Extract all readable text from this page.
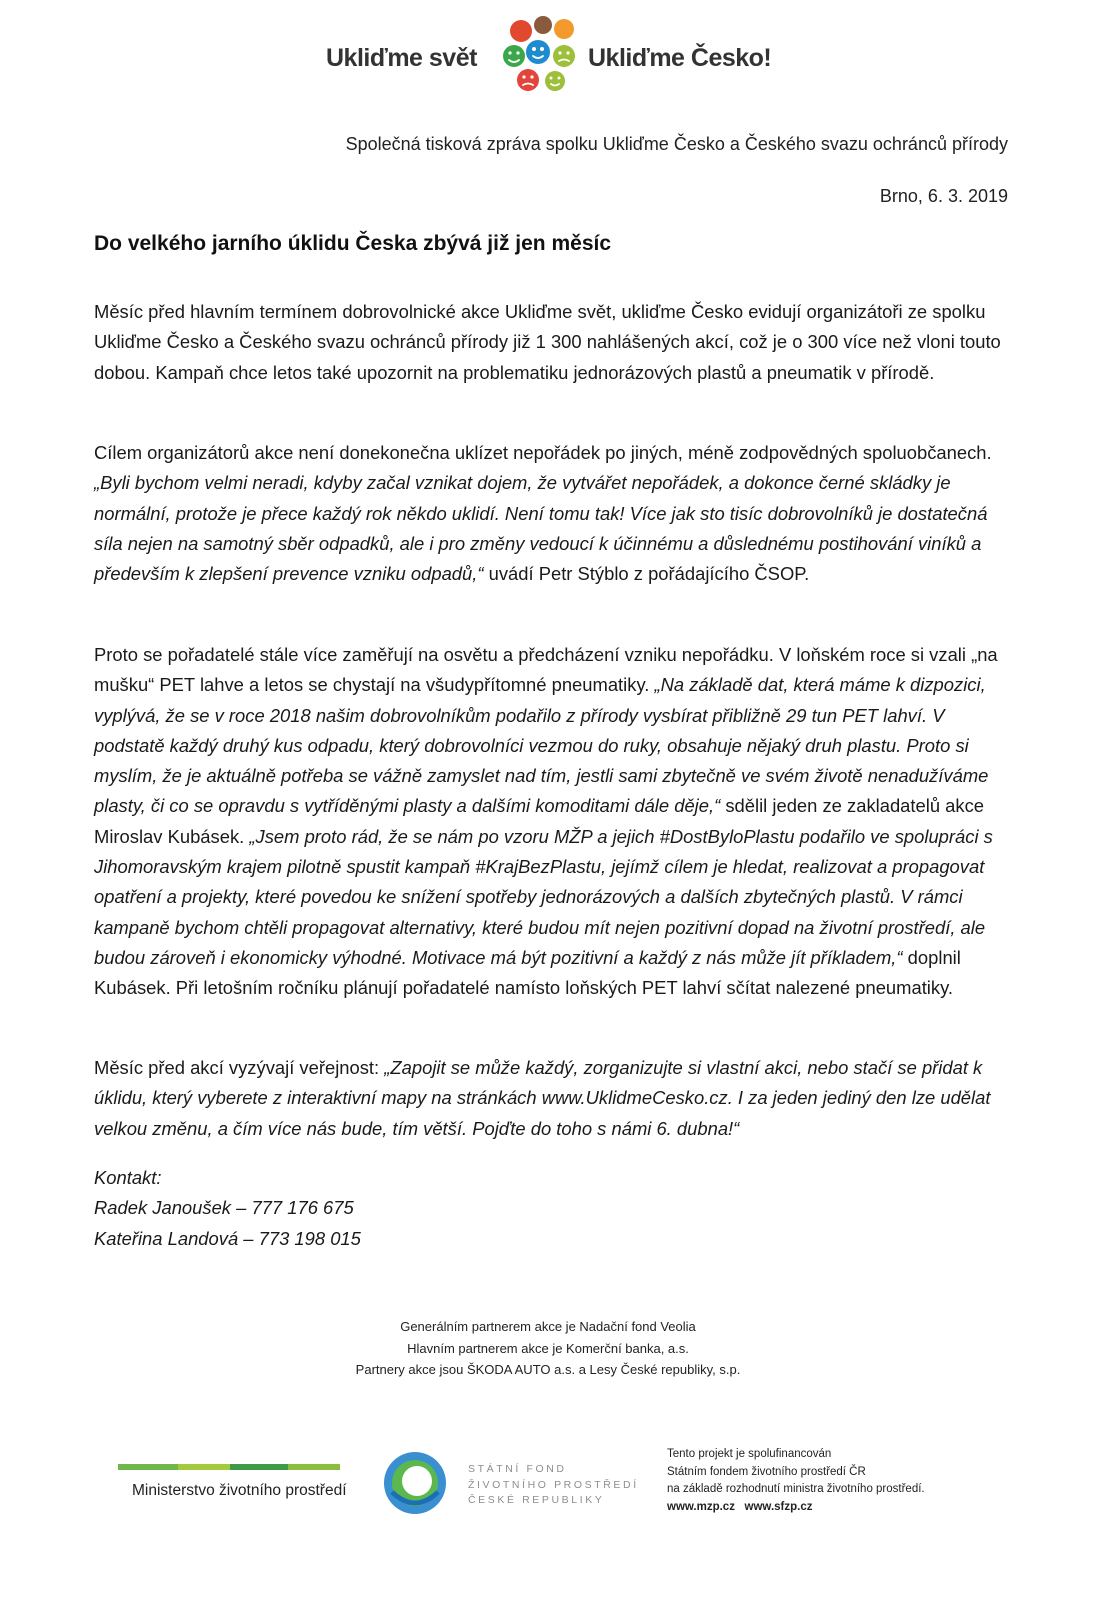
Ukliďme svět	Ukliďme Česko!
Společná tisková zpráva spolku Ukliďme Česko a Českého svazu ochránců přírody
Brno, 6. 3. 2019
Do velkého jarního úklidu Česka zbývá již jen měsíc

Měsíc před hlavním termínem dobrovolnické akce Ukliďme svět, ukliďme Česko evidují organizátoři ze spolku Ukliďme Česko a Českého svazu ochránců přírody již 1 300 nahlášených akcí, což je o 300 více než vloni touto dobou. Kampaň chce letos také upozornit na problematiku jednorázových plastů a pneumatik v přírodě.

Cílem organizátorů akce není donekonečna uklízet nepořádek po jiných, méně zodpovědných spoluobčanech. „Byli bychom velmi neradi, kdyby začal vznikat dojem, že vytvářet nepořádek, a dokonce černé skládky je normální, protože je přece každý rok někdo uklidí. Není tomu tak! Více jak sto tisíc dobrovolníků je dostatečná síla nejen na samotný sběr odpadků, ale i pro změny vedoucí k účinnému a důslednému postihování viníků a především k zlepšení prevence vzniku odpadů,“ uvádí Petr Stýblo z pořádajícího ČSOP.

Proto se pořadatelé stále více zaměřují na osvětu a předcházení vzniku nepořádku. V loňském roce si vzali „na mušku“ PET lahve a letos se chystají na všudypřítomné pneumatiky. „Na základě dat, která máme k dizpozici, vyplývá, že se v roce 2018 našim dobrovolníkům podařilo z přírody vysbírat přibližně 29 tun PET lahví. V podstatě každý druhý kus odpadu, který dobrovolníci vezmou do ruky, obsahuje nějaký druh plastu. Proto si myslím, že je aktuálně potřeba se vážně zamyslet nad tím, jestli sami zbytečně ve svém životě nenadužíváme plasty, či co se opravdu s vytříděnými plasty a dalšími komoditami dále děje,“ sdělil jeden ze zakladatelů akce Miroslav Kubásek. „Jsem proto rád, že se nám po vzoru MŽP a jejich #DostByloPlastu podařilo ve spolupráci s Jihomoravským krajem pilotně spustit kampaň #KrajBezPlastu, jejímž cílem je hledat, realizovat a propagovat opatření a projekty, které povedou ke snížení spotřeby jednorázových a dalších zbytečných plastů. V rámci kampaně bychom chtěli propagovat alternativy, které budou mít nejen pozitivní dopad na životní prostředí, ale budou zároveň i ekonomicky výhodné. Motivace má být pozitivní a každý z nás může jít příkladem,“ doplnil Kubásek. Při letošním ročníku plánují pořadatelé namísto loňských PET lahví sčítat nalezené pneumatiky.

Měsíc před akcí vyzývají veřejnost: „Zapojit se může každý, zorganizujte si vlastní akci, nebo stačí se přidat k úklidu, který vyberete z interaktivní mapy na stránkách www.UklidmeCesko.cz. I za jeden jediný den lze udělat velkou změnu, a čím více nás bude, tím větší. Pojďte do toho s námi 6. dubna!“

Kontakt:
Radek Janoušek – 777 176 675
Kateřina Landová – 773 198 015
Generálním partnerem akce je Nadační fond Veolia
Hlavním partnerem akce je Komerční banka, a.s.
Partnery akce jsou ŠKODA AUTO a.s. a Lesy České republiky, s.p.
Ministerstvo životního prostředí
STÁTNÍ FOND
ŽIVOTNÍHO PROSTŘEDÍ
ČESKÉ REPUBLIKY
Tento projekt je spolufinancován
Státním fondem životního prostředí ČR
na základě rozhodnutí ministra životního prostředí.
www.mzp.cz   www.sfzp.cz
